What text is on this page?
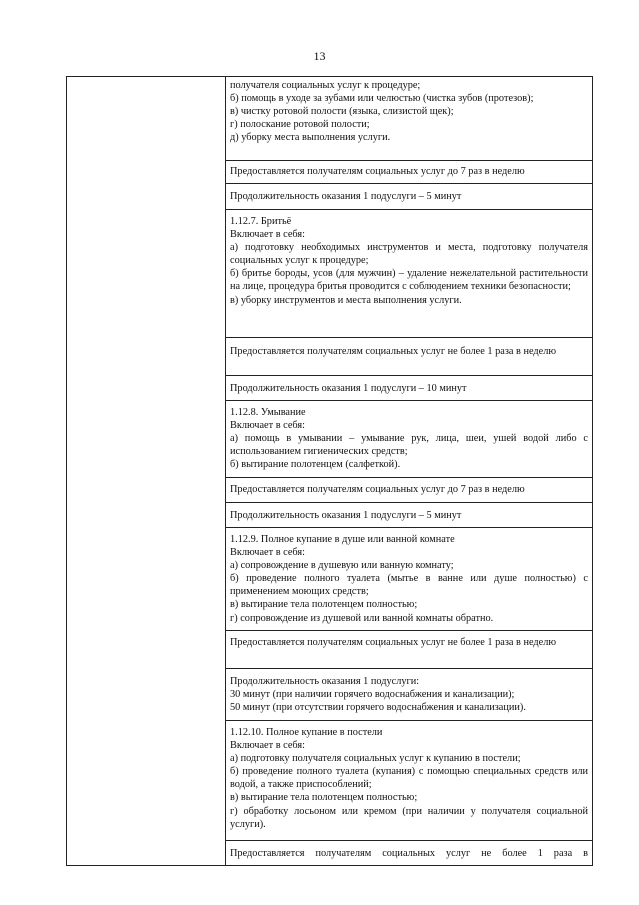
13

получателя социальных услуг к процедуре;

б) помощь в уходе за зубами или челюстью (чистка зубов (протезов);

в) чистку ротовой полости (языка, слизистой щек);

г) полоскание ротовой полости;

д) уборку места выполнения услуги.

Предоставляется получателям социальных услуг до 7 раз в неделю

Продолжительность оказания 1 подуслуги – 5 минут

1.12.7. Бритьё

Включает в себя:

а) подготовку необходимых инструментов и места, подготовку получателя социальных услуг к процедуре;

б) бритье бороды, усов (для мужчин) – удаление нежелательной растительности на лице, процедура бритья проводится с соблюдением техники безопасности;

в) уборку инструментов и места выполнения услуги.

Предоставляется получателям социальных услуг не более 1 раза в неделю

Продолжительность оказания 1 подуслуги – 10 минут

1.12.8. Умывание

Включает в себя:

а) помощь в умывании – умывание рук, лица, шеи, ушей водой либо с использованием гигиенических средств;

б) вытирание полотенцем (салфеткой).

Предоставляется получателям социальных услуг до 7 раз в неделю

Продолжительность оказания 1 подуслуги – 5 минут

1.12.9. Полное купание в душе или ванной комнате

Включает в себя:

а) сопровождение в душевую или ванную комнату;

б) проведение полного туалета (мытье в ванне или душе полностью) с применением моющих средств;

в) вытирание тела полотенцем полностью;

г) сопровождение из душевой или ванной комнаты обратно.

Предоставляется получателям социальных услуг не более 1 раза в неделю

Продолжительность оказания 1 подуслуги:

30 минут (при наличии горячего водоснабжения и канализации);

50 минут (при отсутствии горячего водоснабжения и канализации).

1.12.10. Полное купание в постели

Включает в себя:

а) подготовку получателя социальных услуг к купанию в постели;

б) проведение полного туалета (купания) с помощью специальных средств или водой, а также приспособлений;

в) вытирание тела полотенцем полностью;

г) обработку лосьоном или кремом (при наличии у получателя социальной услуги).

Предоставляется получателям социальных услуг не более 1 раза в
